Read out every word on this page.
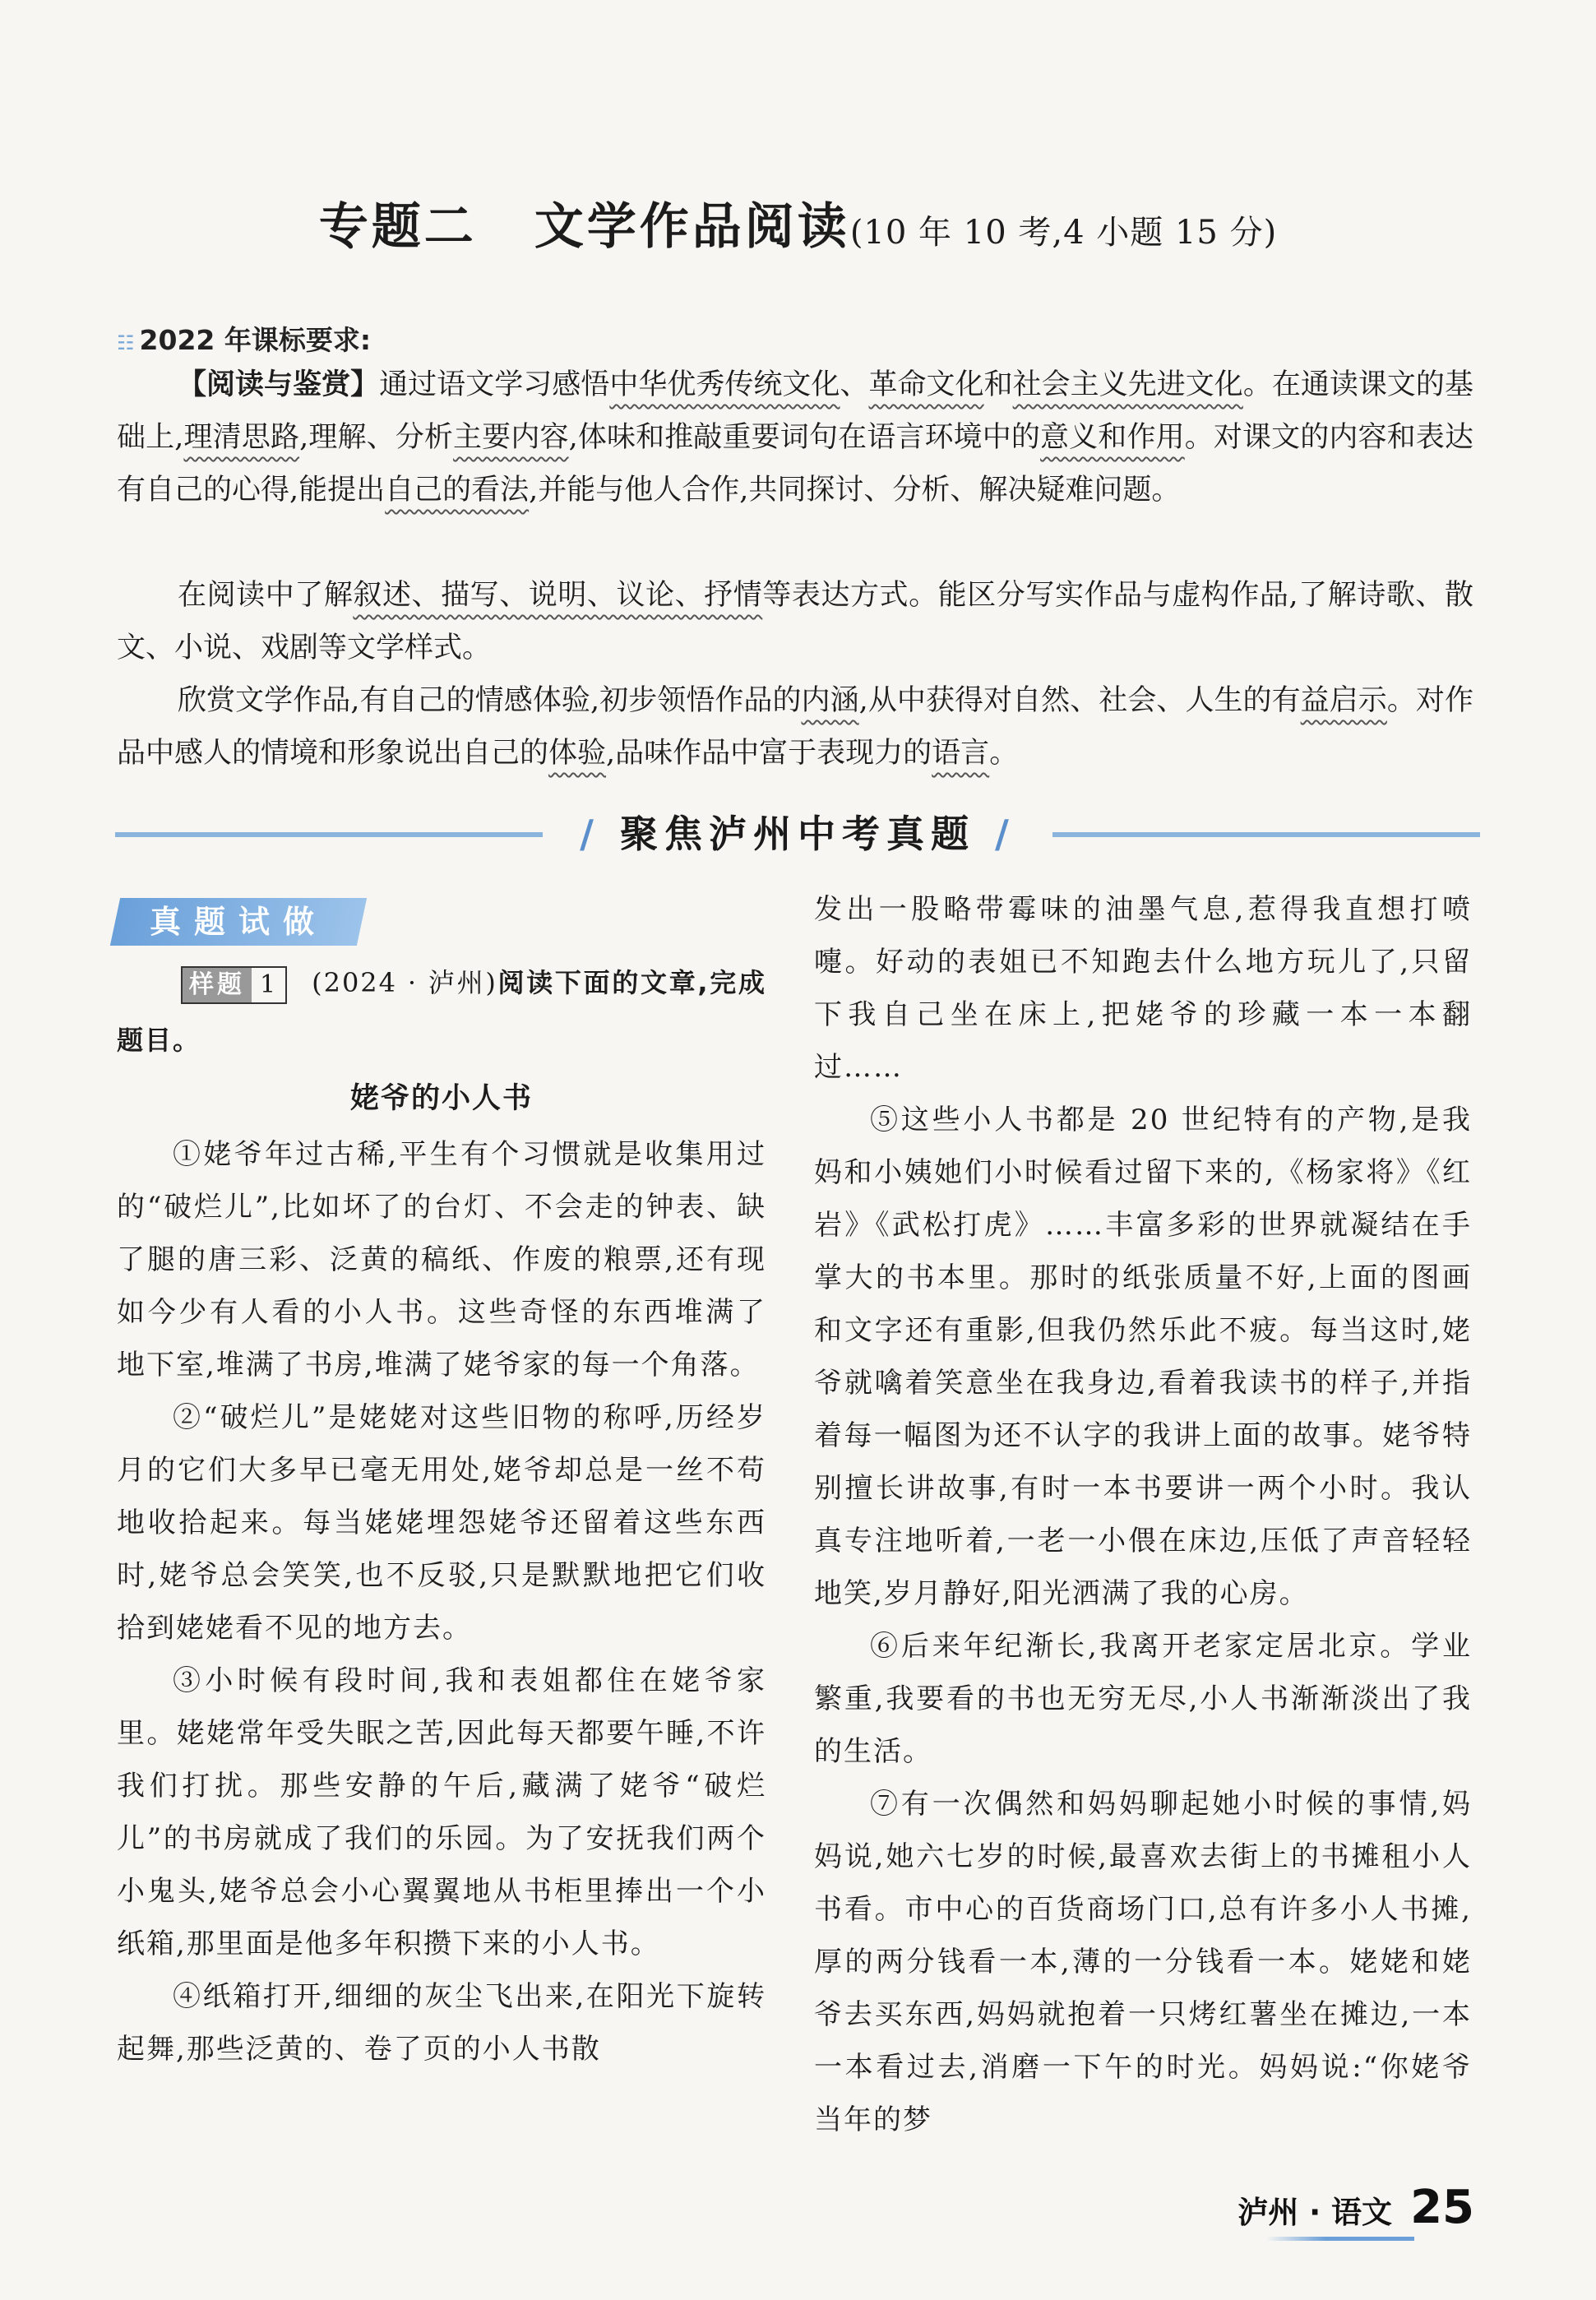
专题二 文学作品阅读(10 年 10 考,4 小题 15 分)
☷ 2022 年课标要求:

【阅读与鉴赏】通过语文学习感悟中华优秀传统文化、革命文化和社会主义先进文化。在通读课文的基础上,理清思路,理解、分析主要内容,体味和推敲重要词句在语言环境中的意义和作用。对课文的内容和表达有自己的心得,能提出自己的看法,并能与他人合作,共同探讨、分析、解决疑难问题。

在阅读中了解叙述、描写、说明、议论、抒情等表达方式。能区分写实作品与虚构作品,了解诗歌、散文、小说、戏剧等文学样式。

欣赏文学作品,有自己的情感体验,初步领悟作品的内涵,从中获得对自然、社会、人生的有益启示。对作品中感人的情境和形象说出自己的体验,品味作品中富于表现力的语言。

/ 聚焦泸州中考真题 /
真题试做
样题 1 (2024 · 泸州)阅读下面的文章,完成题目。
姥爷的小人书

①姥爷年过古稀,平生有个习惯就是收集用过的“破烂儿”,比如坏了的台灯、不会走的钟表、缺了腿的唐三彩、泛黄的稿纸、作废的粮票,还有现如今少有人看的小人书。这些奇怪的东西堆满了地下室,堆满了书房,堆满了姥爷家的每一个角落。

②“破烂儿”是姥姥对这些旧物的称呼,历经岁月的它们大多早已毫无用处,姥爷却总是一丝不苟地收拾起来。每当姥姥埋怨姥爷还留着这些东西时,姥爷总会笑笑,也不反驳,只是默默地把它们收拾到姥姥看不见的地方去。

③小时候有段时间,我和表姐都住在姥爷家里。姥姥常年受失眠之苦,因此每天都要午睡,不许我们打扰。那些安静的午后,藏满了姥爷“破烂儿”的书房就成了我们的乐园。为了安抚我们两个小鬼头,姥爷总会小心翼翼地从书柜里捧出一个小纸箱,那里面是他多年积攒下来的小人书。

④纸箱打开,细细的灰尘飞出来,在阳光下旋转起舞,那些泛黄的、卷了页的小人书散

发出一股略带霉味的油墨气息,惹得我直想打喷嚏。好动的表姐已不知跑去什么地方玩儿了,只留下我自己坐在床上,把姥爷的珍藏一本一本翻过……

⑤这些小人书都是 20 世纪特有的产物,是我妈和小姨她们小时候看过留下来的,《杨家将》《红岩》《武松打虎》……丰富多彩的世界就凝结在手掌大的书本里。那时的纸张质量不好,上面的图画和文字还有重影,但我仍然乐此不疲。每当这时,姥爷就噙着笑意坐在我身边,看着我读书的样子,并指着每一幅图为还不认字的我讲上面的故事。姥爷特别擅长讲故事,有时一本书要讲一两个小时。我认真专注地听着,一老一小偎在床边,压低了声音轻轻地笑,岁月静好,阳光洒满了我的心房。

⑥后来年纪渐长,我离开老家定居北京。学业繁重,我要看的书也无穷无尽,小人书渐渐淡出了我的生活。

⑦有一次偶然和妈妈聊起她小时候的事情,妈妈说,她六七岁的时候,最喜欢去街上的书摊租小人书看。市中心的百货商场门口,总有许多小人书摊,厚的两分钱看一本,薄的一分钱看一本。姥姥和姥爷去买东西,妈妈就抱着一只烤红薯坐在摊边,一本一本看过去,消磨一下午的时光。妈妈说:“你姥爷当年的梦

泸州 · 语文 25
